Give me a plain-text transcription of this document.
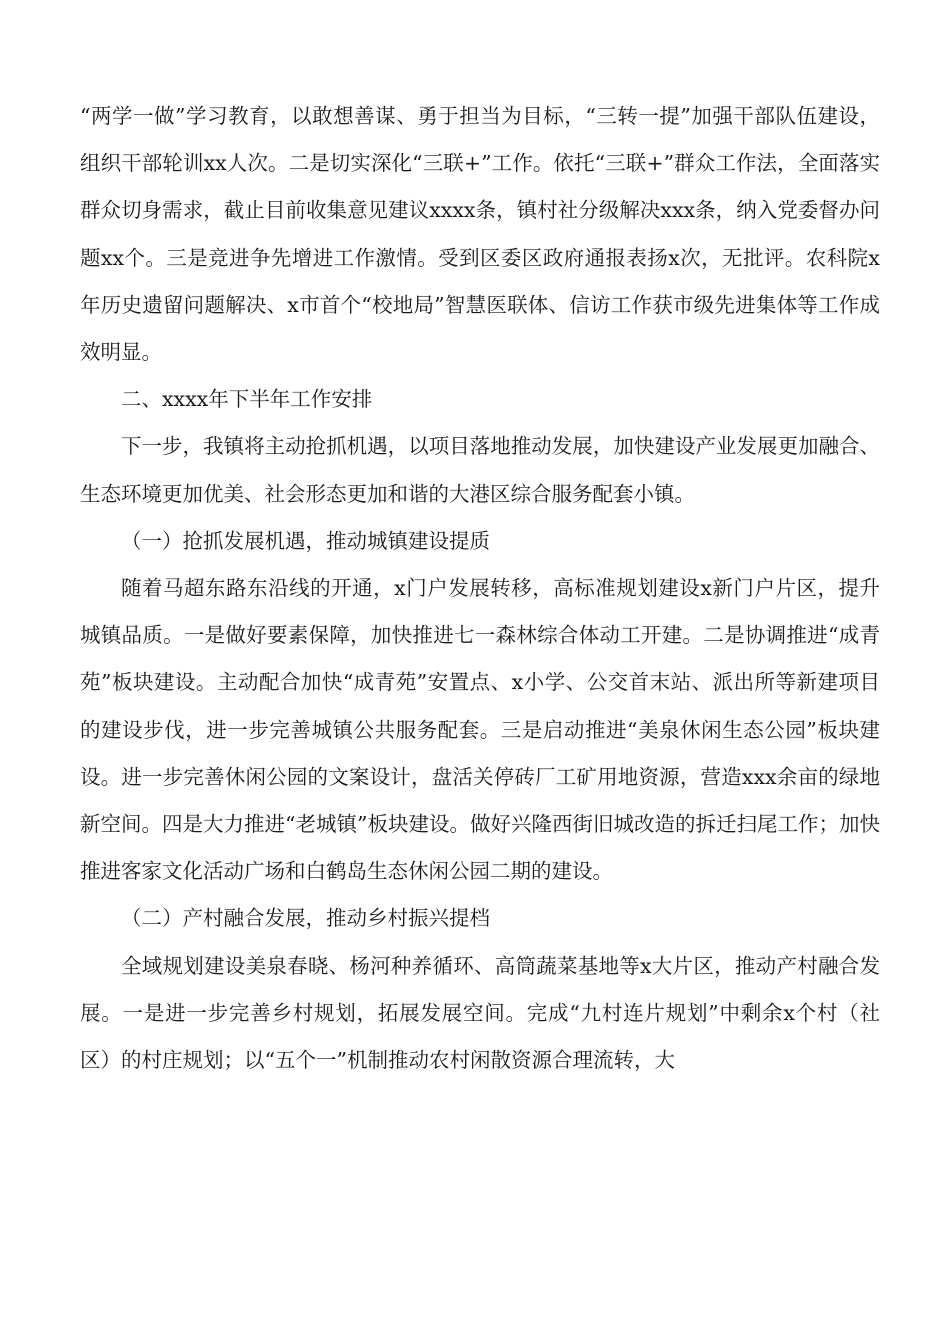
“两学一做”学习教育，以敢想善谋、勇于担当为目标，“三转一提”加强干部队伍建设，组织干部轮训xx人次。二是切实深化“三联+”工作。依托“三联+”群众工作法，全面落实群众切身需求，截止目前收集意见建议xxxx条，镇村社分级解决xxx条，纳入党委督办问题xx个。三是竞进争先增进工作激情。受到区委区政府通报表扬x次，无批评。农科院x年历史遗留问题解决、x市首个“校地局”智慧医联体、信访工作获市级先进集体等工作成效明显。

二、xxxx年下半年工作安排

下一步，我镇将主动抢抓机遇，以项目落地推动发展，加快建设产业发展更加融合、生态环境更加优美、社会形态更加和谐的大港区综合服务配套小镇。

（一）抢抓发展机遇，推动城镇建设提质

随着马超东路东沿线的开通，x门户发展转移，高标准规划建设x新门户片区，提升城镇品质。一是做好要素保障，加快推进七一森林综合体动工开建。二是协调推进“成青苑”板块建设。主动配合加快“成青苑”安置点、x小学、公交首末站、派出所等新建项目的建设步伐，进一步完善城镇公共服务配套。三是启动推进“美泉休闲生态公园”板块建设。进一步完善休闲公园的文案设计，盘活关停砖厂工矿用地资源，营造xxx余亩的绿地新空间。四是大力推进“老城镇”板块建设。做好兴隆西街旧城改造的拆迁扫尾工作；加快推进客家文化活动广场和白鹤岛生态休闲公园二期的建设。

（二）产村融合发展，推动乡村振兴提档

全域规划建设美泉春晓、杨河种养循环、高筒蔬菜基地等x大片区，推动产村融合发展。一是进一步完善乡村规划，拓展发展空间。完成“九村连片规划”中剩余x个村（社区）的村庄规划；以“五个一”机制推动农村闲散资源合理流转，大
